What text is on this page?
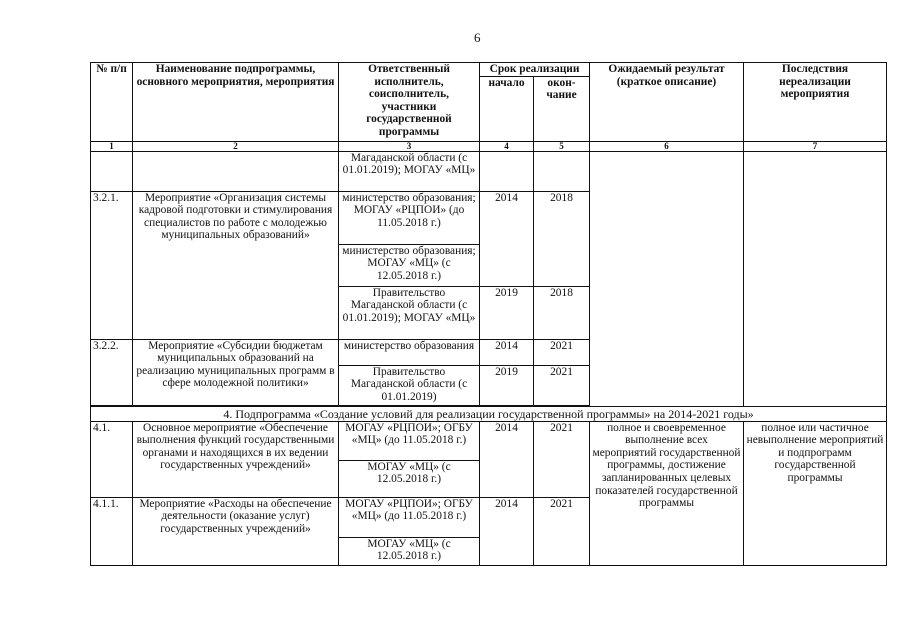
6
№ п/п	Наименование подпрограммы, основного мероприятия, мероприятия	Ответственный исполнитель, соисполнитель, участники государственной программы	Срок реализации		Ожидаемый результат (краткое описание)	Последствия нереализации мероприятия
			начало	окон-чание		
1	2	3	4	5	6	7
		Магаданской области (с 01.01.2019); МОГАУ «МЦ»				
3.2.1.	Мероприятие «Организация системы кадровой подготовки и стимулирования специалистов по работе с молодежью муниципальных образований»	министерство образования; МОГАУ «РЦПОИ» (до 11.05.2018 г.)	2014	2018		
		министерство образования; МОГАУ «МЦ» (с 12.05.2018 г.)				
		Правительство Магаданской области (с 01.01.2019); МОГАУ «МЦ»	2019	2018		
3.2.2.	Мероприятие «Субсидии бюджетам муниципальных образований на реализацию муниципальных программ в сфере молодежной политики»	министерство образования	2014	2021		
		Правительство Магаданской области (с 01.01.2019)	2019	2021		

4. Подпрограмма «Создание условий для реализации государственной программы» на 2014-2021 годы»						
4.1.	Основное мероприятие «Обеспечение выполнения функций государственными органами и находящихся в их ведении государственных учреждений»	МОГАУ «РЦПОИ»; ОГБУ «МЦ» (до 11.05.2018 г.)	2014	2021	полное и своевременное выполнение всех мероприятий государственной программы, достижение запланированных целевых показателей государственной программы	полное или частичное невыполнение мероприятий и подпрограмм государственной программы
		МОГАУ «МЦ» (с 12.05.2018 г.)				
4.1.1.	Мероприятие «Расходы на обеспечение деятельности (оказание услуг) государственных учреждений»	МОГАУ «РЦПОИ»; ОГБУ «МЦ» (до 11.05.2018 г.)	2014	2021		
		МОГАУ «МЦ» (с 12.05.2018 г.)				
